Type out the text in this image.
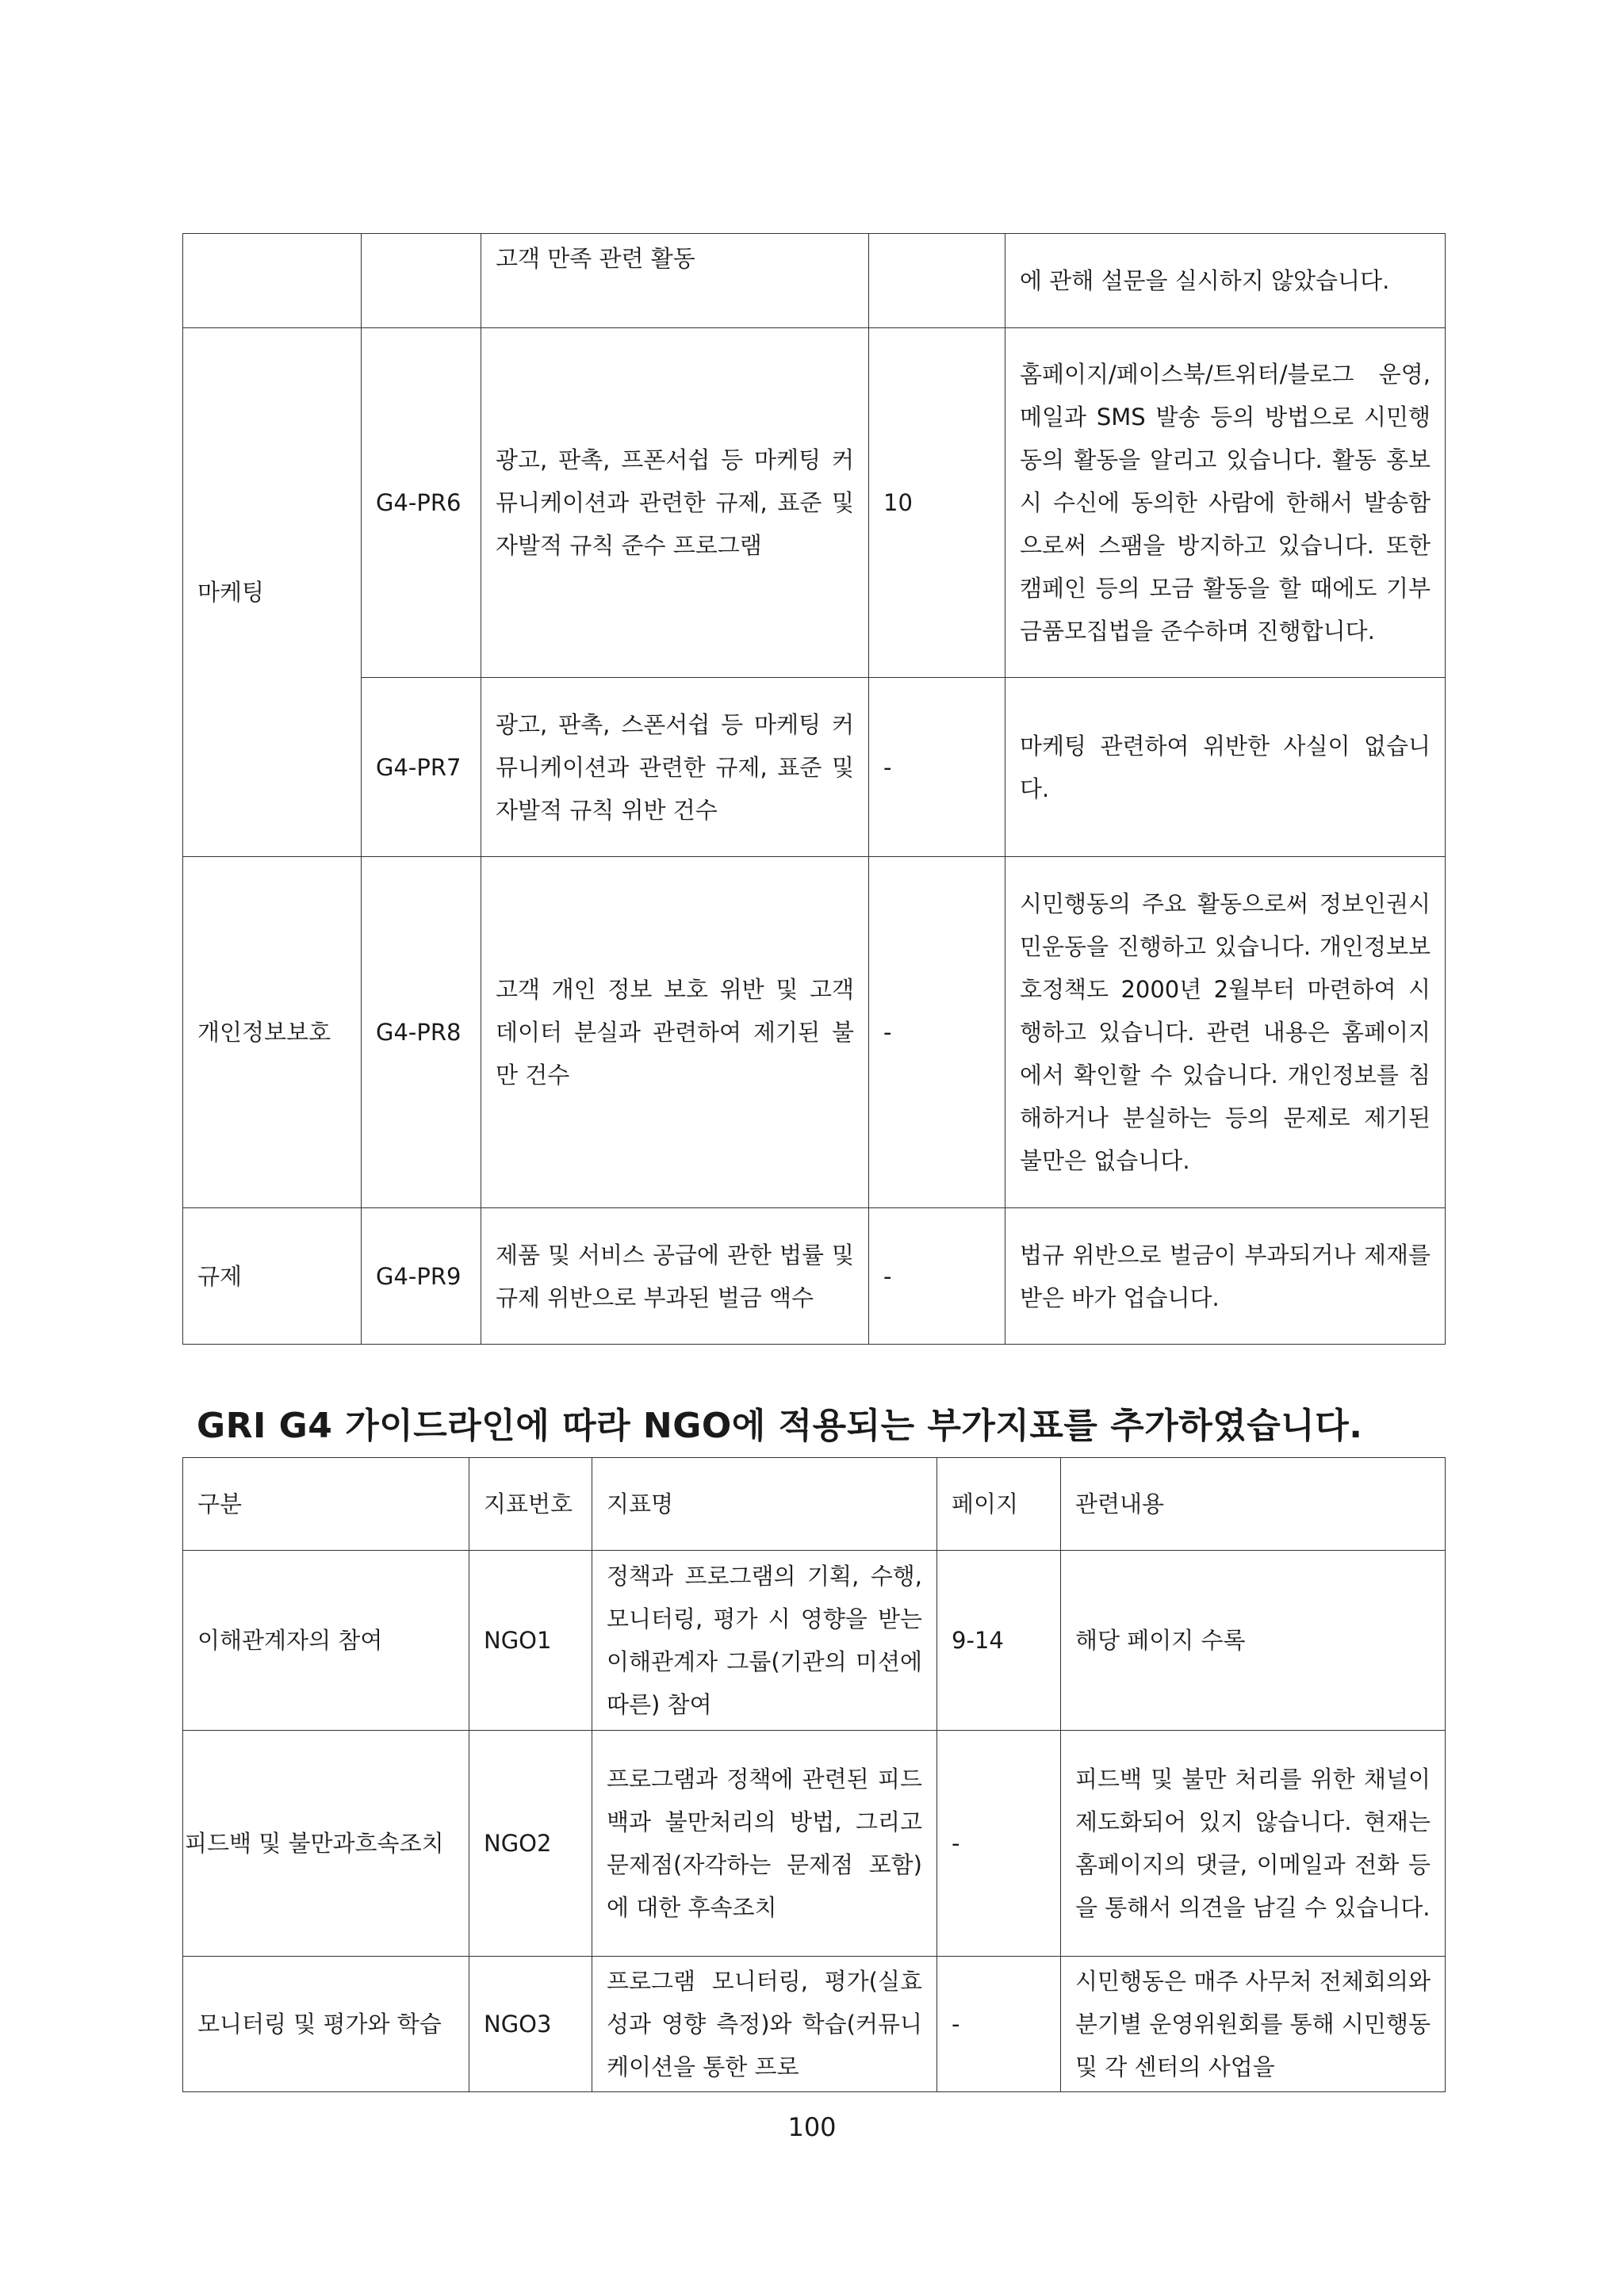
		고객 만족 관련 활동		에 관해 설문을 실시하지 않았습니다.
마케팅	G4-PR6	광고, 판촉, 프폰서쉽 등 마케팅 커뮤니케이션과 관련한 규제, 표준 및 자발적 규칙 준수 프로그램	10	홈페이지/페이스북/트위터/블로그 운영, 메일과 SMS 발송 등의 방법으로 시민행동의 활동을 알리고 있습니다. 활동 홍보 시 수신에 동의한 사람에 한해서 발송함으로써 스팸을 방지하고 있습니다. 또한 캠페인 등의 모금 활동을 할 때에도 기부금품모집법을 준수하며 진행합니다.
	G4-PR7	광고, 판촉, 스폰서쉽 등 마케팅 커뮤니케이션과 관련한 규제, 표준 및 자발적 규칙 위반 건수	-	마케팅 관련하여 위반한 사실이 없습니다.
개인정보보호	G4-PR8	고객 개인 정보 보호 위반 및 고객 데이터 분실과 관련하여 제기된 불만 건수	-	시민행동의 주요 활동으로써 정보인권시민운동을 진행하고 있습니다. 개인정보보호정책도 2000년 2월부터 마련하여 시행하고 있습니다. 관련 내용은 홈페이지에서 확인할 수 있습니다. 개인정보를 침해하거나 분실하는 등의 문제로 제기된 불만은 없습니다.
규제	G4-PR9	제품 및 서비스 공급에 관한 법률 및 규제 위반으로 부과된 벌금 액수	-	법규 위반으로 벌금이 부과되거나 제재를 받은 바가 업습니다.
GRI G4 가이드라인에 따라 NGO에 적용되는 부가지표를 추가하였습니다.
구분	지표번호	지표명	페이지	관련내용
이해관계자의 참여	NGO1	정책과 프로그램의 기획, 수행, 모니터링, 평가 시 영향을 받는 이해관계자 그룹(기관의 미션에 따른) 참여	9-14	해당 페이지 수록
피드백 및 불만과흐속조치	NGO2	프로그램과 정책에 관련된 피드백과 불만처리의 방법, 그리고 문제점(자각하는 문제점 포함)에 대한 후속조치	-	피드백 및 불만 처리를 위한 채널이 제도화되어 있지 않습니다. 현재는 홈페이지의 댓글, 이메일과 전화 등을 통해서 의견을 남길 수 있습니다.
모니터링 및 평가와 학습	NGO3	프로그램 모니터링, 평가(실효성과 영향 측정)와 학습(커뮤니케이션을 통한 프로	-	시민행동은 매주 사무처 전체회의와 분기별 운영위원회를 통해 시민행동 및 각 센터의 사업을
100
